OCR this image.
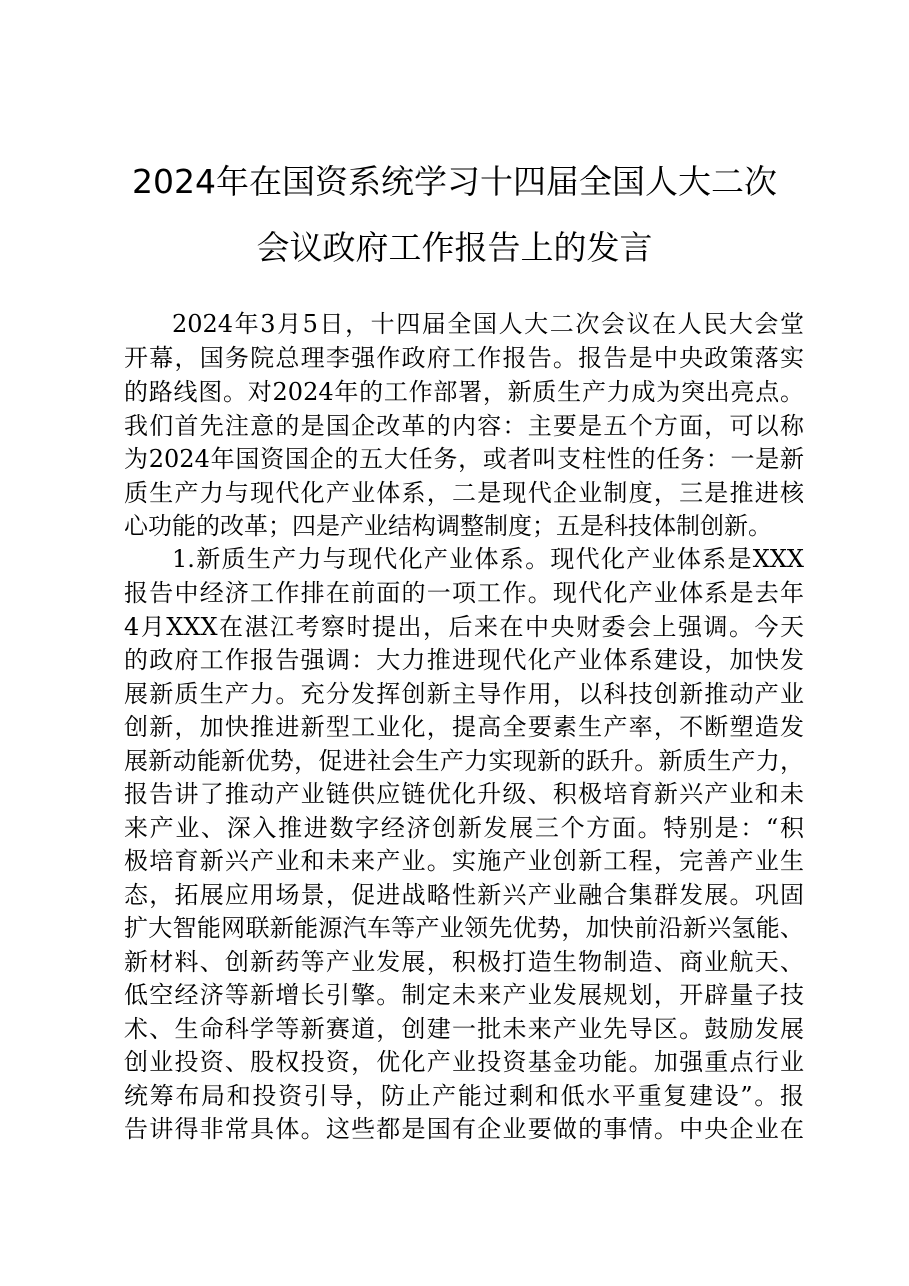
2024年在国资系统学习十四届全国人大二次
会议政府工作报告上的发言
2024年3月5日，十四届全国人大二次会议在人民大会堂
开幕，国务院总理李强作政府工作报告。报告是中央政策落实
的路线图。对2024年的工作部署，新质生产力成为突出亮点。
我们首先注意的是国企改革的内容：主要是五个方面，可以称
为2024年国资国企的五大任务，或者叫支柱性的任务：一是新
质生产力与现代化产业体系，二是现代企业制度，三是推进核
心功能的改革；四是产业结构调整制度；五是科技体制创新。
1.新质生产力与现代化产业体系。现代化产业体系是XXX
报告中经济工作排在前面的一项工作。现代化产业体系是去年
4月XXX在湛江考察时提出，后来在中央财委会上强调。今天
的政府工作报告强调：大力推进现代化产业体系建设，加快发
展新质生产力。充分发挥创新主导作用，以科技创新推动产业
创新，加快推进新型工业化，提高全要素生产率，不断塑造发
展新动能新优势，促进社会生产力实现新的跃升。新质生产力，
报告讲了推动产业链供应链优化升级、积极培育新兴产业和未
来产业、深入推进数字经济创新发展三个方面。特别是：“积
极培育新兴产业和未来产业。实施产业创新工程，完善产业生
态，拓展应用场景，促进战略性新兴产业融合集群发展。巩固
扩大智能网联新能源汽车等产业领先优势，加快前沿新兴氢能、
新材料、创新药等产业发展，积极打造生物制造、商业航天、
低空经济等新增长引擎。制定未来产业发展规划，开辟量子技
术、生命科学等新赛道，创建一批未来产业先导区。鼓励发展
创业投资、股权投资，优化产业投资基金功能。加强重点行业
统筹布局和投资引导，防止产能过剩和低水平重复建设”。报
告讲得非常具体。这些都是国有企业要做的事情。中央企业在
